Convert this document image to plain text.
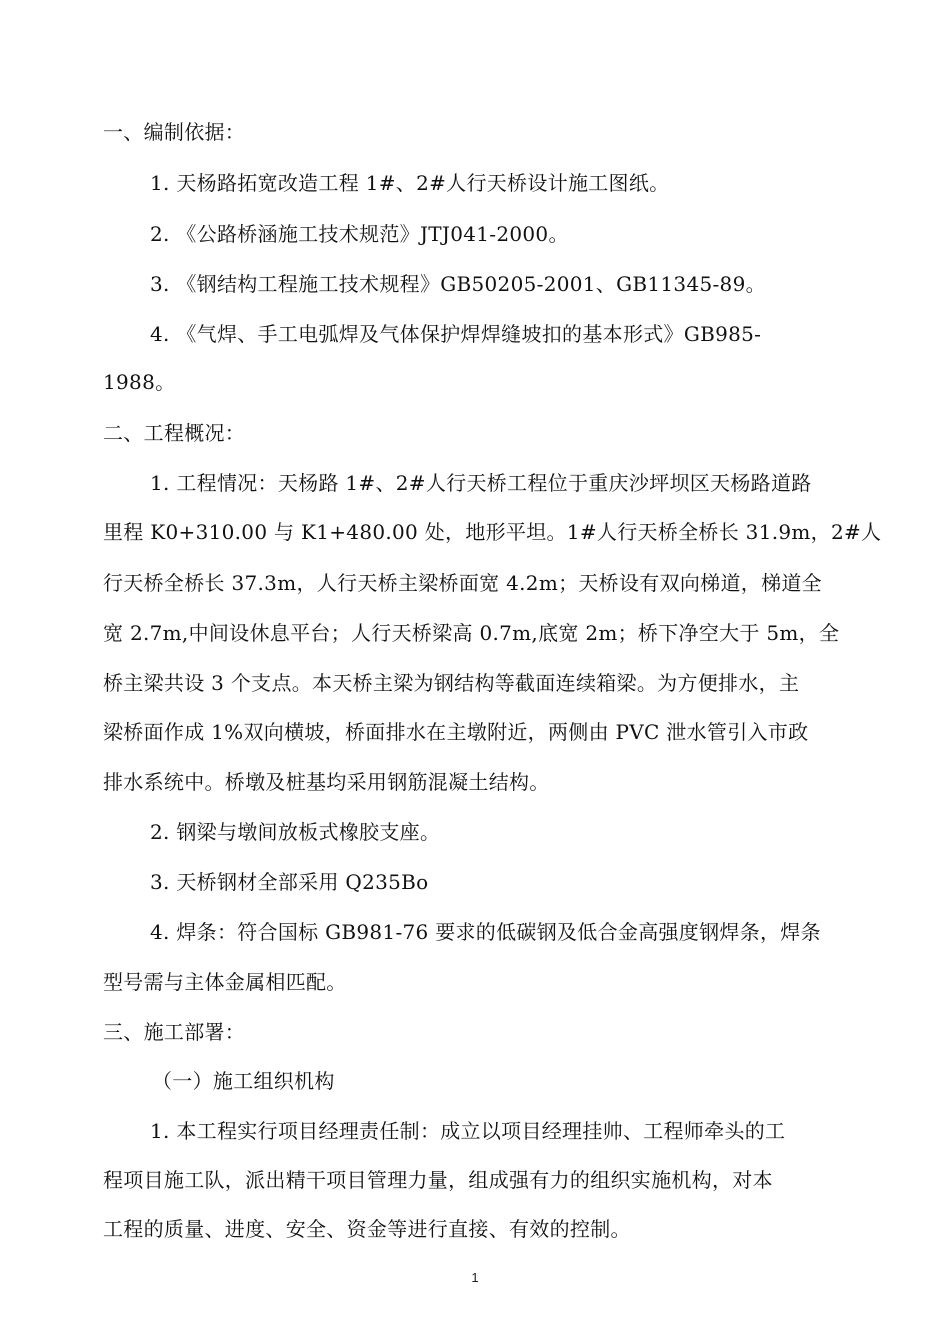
一、编制依据：
1. 天杨路拓宽改造工程 1#、2#人行天桥设计施工图纸。
2. 《公路桥涵施工技术规范》JTJ041-2000。
3. 《钢结构工程施工技术规程》GB50205-2001、GB11345-89。
4. 《气焊、手工电弧焊及气体保护焊焊缝坡扣的基本形式》GB985-
1988。
二、工程概况：
1. 工程情况：天杨路 1#、2#人行天桥工程位于重庆沙坪坝区天杨路道路
里程 K0+310.00 与 K1+480.00 处，地形平坦。1#人行天桥全桥长 31.9m，2#人
行天桥全桥长 37.3m，人行天桥主梁桥面宽 4.2m；天桥设有双向梯道，梯道全
宽 2.7m,中间设休息平台；人行天桥梁高 0.7m,底宽 2m；桥下净空大于 5m，全
桥主梁共设 3 个支点。本天桥主梁为钢结构等截面连续箱梁。为方便排水，主
梁桥面作成 1%双向横坡，桥面排水在主墩附近，两侧由 PVC 泄水管引入市政
排水系统中。桥墩及桩基均采用钢筋混凝土结构。
2. 钢梁与墩间放板式橡胶支座。
3. 天桥钢材全部采用 Q235Bo
4. 焊条：符合国标 GB981-76 要求的低碳钢及低合金高强度钢焊条，焊条
型号需与主体金属相匹配。
三、施工部署：
（一）施工组织机构
1. 本工程实行项目经理责任制：成立以项目经理挂帅、工程师牵头的工
程项目施工队，派出精干项目管理力量，组成强有力的组织实施机构，对本
工程的质量、进度、安全、资金等进行直接、有效的控制。
1
